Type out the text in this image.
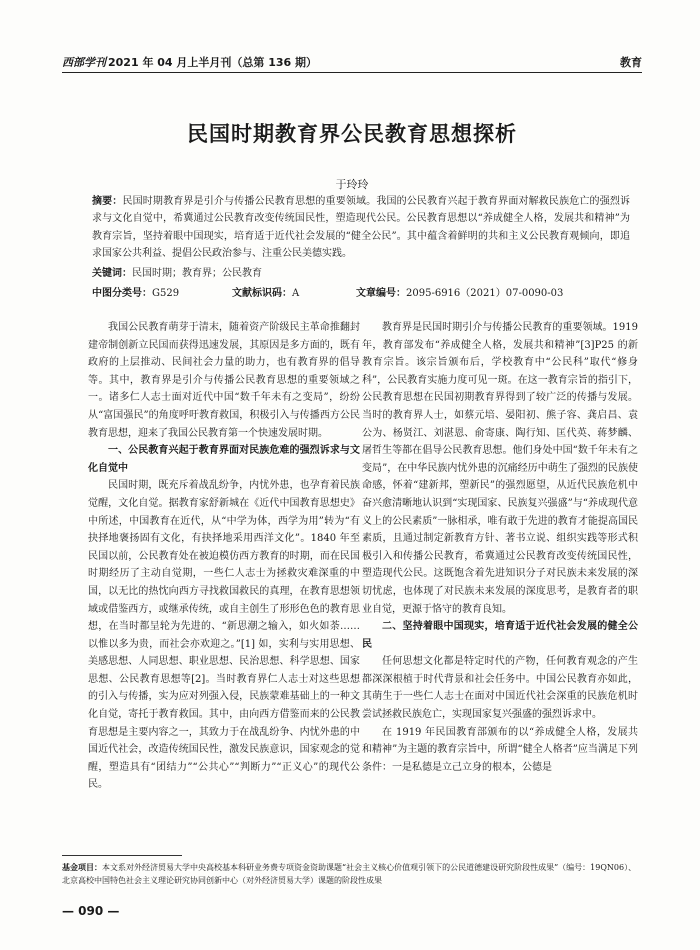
西部学刊 2021 年 04 月上半月刊（总第 136 期）	教育
民国时期教育界公民教育思想探析
于玲玲
摘要：民国时期教育界是引介与传播公民教育思想的重要领域。我国的公民教育兴起于教育界面对解救民族危亡的强烈诉求与文化自觉中，希冀通过公民教育改变传统国民性，塑造现代公民。公民教育思想以“养成健全人格，发展共和精神”为教育宗旨，坚持着眼中国现实，培育适于近代社会发展的“健全公民”。其中蕴含着鲜明的共和主义公民教育观倾向，即追求国家公共利益、提倡公民政治参与、注重公民美德实践。
关键词：民国时期；教育界；公民教育
中图分类号：G529	文献标识码：A	文章编号：2095-6916（2021）07-0090-03

我国公民教育萌芽于清末，随着资产阶级民主革命推翻封建帝制创新立民国而获得迅速发展，其原因是多方面的，既有政府的上层推动、民间社会力量的助力，也有教育界的倡导等。其中，教育界是引介与传播公民教育思想的重要领域之一。诸多仁人志士面对近代中国“数千年未有之变局”，纷纷从“富国强民”的角度呼吁教育救国，积极引入与传播西方公民教育思想，迎来了我国公民教育第一个快速发展时期。

一、公民教育兴起于教育界面对民族危难的强烈诉求与文化自觉中

民国时期，既充斥着战乱纷争，内忧外患，也孕育着民族觉醒，文化自觉。据教育家舒新城在《近代中国教育思想史》中所述，中国教育在近代，从“中学为体，西学为用”转为“有抉择地褒扬固有文化，有抉择地采用西洋文化”。1840 年至民国以前，公民教育处在被迫模仿西方教育的时期，而在民国时期经历了主动自觉期，一些仁人志士为拯救灾难深重的中国，以无比的热忱向西方寻找救国救民的真理，在教育思想领域或借鉴西方，或继承传统，或自主创生了形形色色的教育思想，在当时都呈轮为先进的、“新思潮之输入，如火如荼……以惟以多为贵，而社会亦欢迎之。”[1] 如，实利与实用思想、美感思想、人同思想、职业思想、民治思想、科学思想、国家思想、公民教育思想等[2]。当时教育界仁人志士对这些思想的引入与传播，实为应对列强入侵，民族蒙难基础上的一种文化自觉，寄托于教育救国。其中，由向西方借鉴而来的公民教育思想是主要内容之一，其致力于在战乱纷争、内忧外患的中国近代社会，改造传统国民性，激发民族意识，国家观念的觉醒，塑造具有“团结力”“公共心”“判断力”“正义心”的现代公民。

教育界是民国时期引介与传播公民教育的重要领域。1919 年，教育部发布“养成健全人格，发展共和精神”[3]P25 的新教育宗旨。该宗旨颁布后，学校教育中“公民科”取代“修身科”，公民教育实施力度可见一斑。在这一教育宗旨的指引下，公民教育思想在民国初期教育界得到了较广泛的传播与发展。当时的教育界人士，如蔡元培、晏阳初、熊子容、龚启昌、袁公为、杨贤江、刘湛恩、俞寄康、陶行知、匡代英、蒋梦麟、屠哲生等都在倡导公民教育思想。他们身处中国“数千年未有之变局”，在中华民族内忧外患的沉痛经历中萌生了强烈的民族使命感，怀着“建新邦，塑新民”的强烈愿望，从近代民族危机中奋兴愈清晰地认识到“实现国家、民族复兴强盛”与“养成现代意义上的公民素质”一脉相承，唯有敢于先进的教育才能提高国民素质，且通过制定新教育方针、著书立说、组织实践等形式积极引入和传播公民教育，希冀通过公民教育改变传统国民性，塑造现代公民。这既饱含着先进知识分子对民族未来发展的深切忧虑，也体现了对民族未来发展的深度思考，是教育者的职业自觉，更源于恪守的教育良知。

二、坚持着眼中国现实，培育适于近代社会发展的健全公民

任何思想文化都是特定时代的产物，任何教育观念的产生都深深根植于时代背景和社会任务中。中国公民教育亦如此，其萌生于一些仁人志士在面对中国近代社会深重的民族危机时尝试拯救民族危亡，实现国家复兴强盛的强烈诉求中。

在 1919 年民国教育部颁布的以“养成健全人格，发展共和精神”为主题的教育宗旨中，所谓“健全人格者”应当满足下列条件：一是私德是立己立身的根本，公德是

基金项目：本文系对外经济贸易大学中央高校基本科研业务费专项资金资助课题“社会主义核心价值观引领下的公民道德建设研究阶段性成果”（编号：19QN06）、北京高校中国特色社会主义理论研究协同创新中心（对外经济贸易大学）课题的阶段性成果
— 090 —
